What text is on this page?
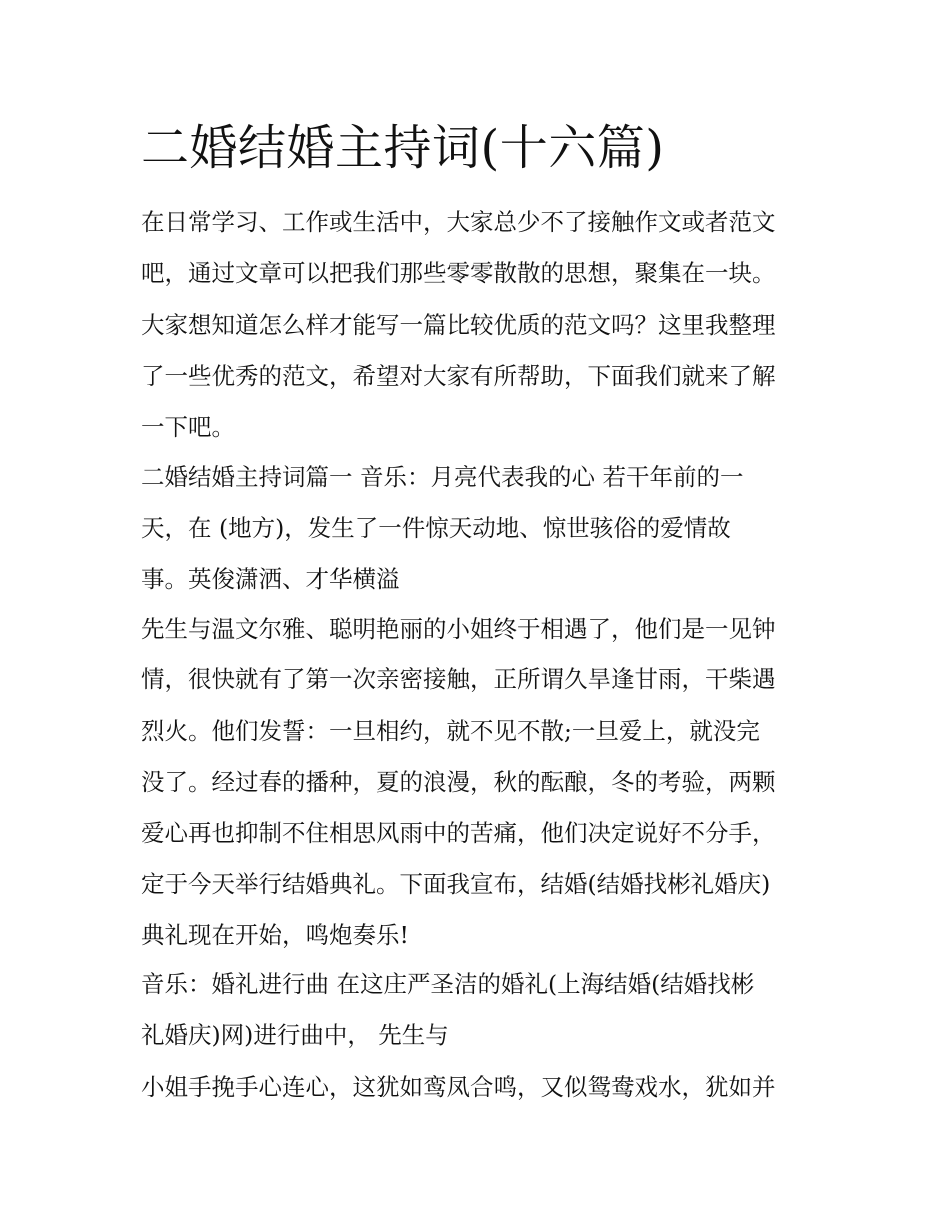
二婚结婚主持词(十六篇)

在日常学习、工作或生活中，大家总少不了接触作文或者范文

吧，通过文章可以把我们那些零零散散的思想，聚集在一块。

大家想知道怎么样才能写一篇比较优质的范文吗？这里我整理

了一些优秀的范文，希望对大家有所帮助，下面我们就来了解

一下吧。

二婚结婚主持词篇一 音乐：月亮代表我的心 若干年前的一

天，在 (地方)，发生了一件惊天动地、惊世骇俗的爱情故

事。英俊潇洒、才华横溢

先生与温文尔雅、聪明艳丽的小姐终于相遇了，他们是一见钟

情，很快就有了第一次亲密接触，正所谓久旱逢甘雨，干柴遇

烈火。他们发誓：一旦相约，就不见不散;一旦爱上，就没完

没了。经过春的播种，夏的浪漫，秋的酝酿，冬的考验，两颗

爱心再也抑制不住相思风雨中的苦痛，他们决定说好不分手，

定于今天举行结婚典礼。下面我宣布，结婚(结婚找彬礼婚庆)

典礼现在开始，鸣炮奏乐!

音乐：婚礼进行曲 在这庄严圣洁的婚礼(上海结婚(结婚找彬

礼婚庆)网)进行曲中， 先生与

小姐手挽手心连心，这犹如鸾凤合鸣，又似鸳鸯戏水，犹如并
